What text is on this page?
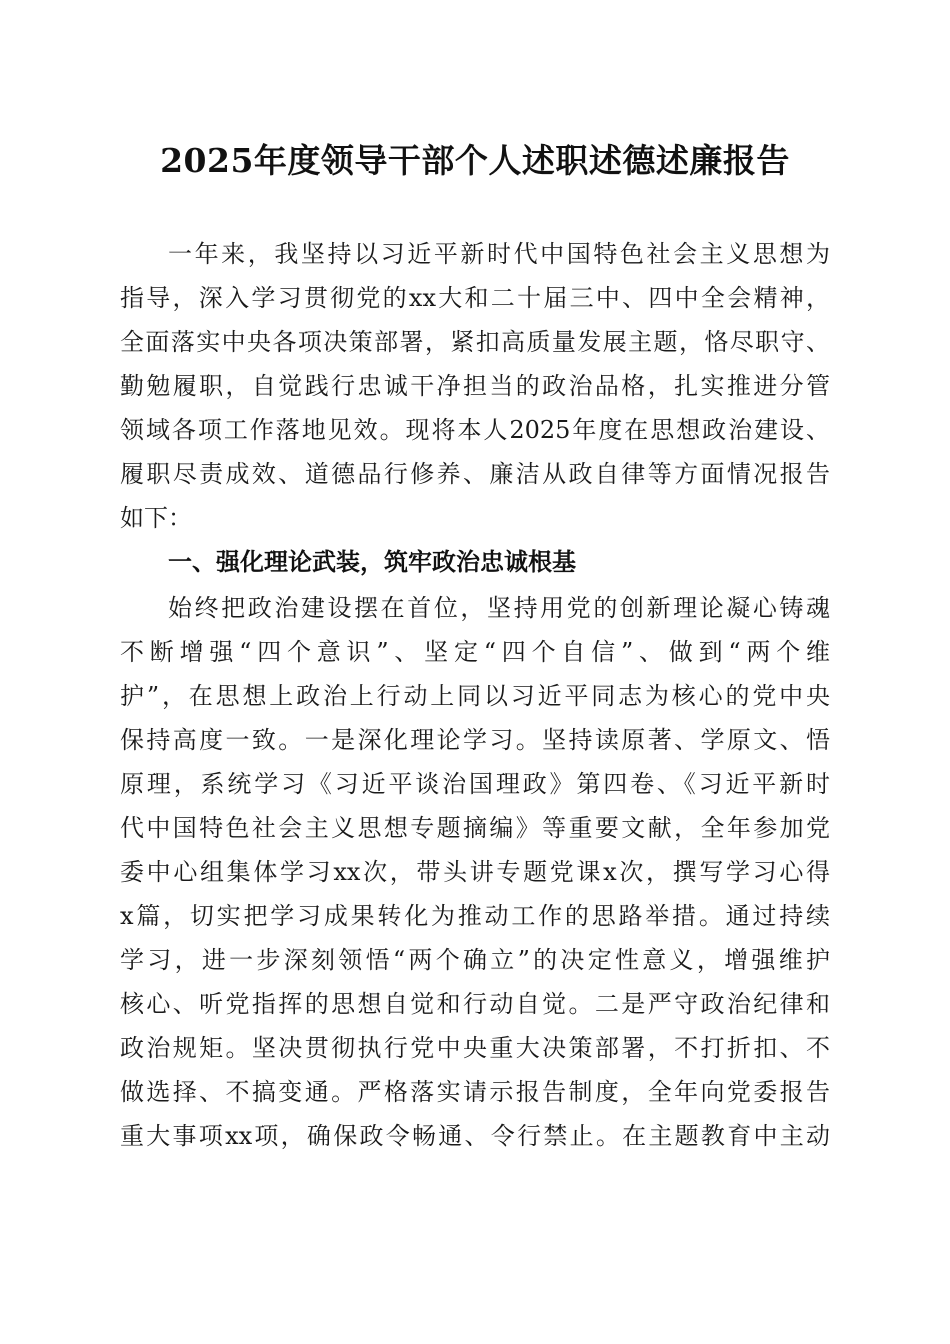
2025年度领导干部个人述职述德述廉报告
一年来，我坚持以习近平新时代中国特色社会主义思想为
指导，深入学习贯彻党的xx大和二十届三中、四中全会精神，
全面落实中央各项决策部署，紧扣高质量发展主题，恪尽职守、
勤勉履职，自觉践行忠诚干净担当的政治品格，扎实推进分管
领域各项工作落地见效。现将本人2025年度在思想政治建设、
履职尽责成效、道德品行修养、廉洁从政自律等方面情况报告
如下：
一、强化理论武装，筑牢政治忠诚根基
始终把政治建设摆在首位，坚持用党的创新理论凝心铸魂
不断增强“四个意识”、坚定“四个自信”、做到“两个维
护”，在思想上政治上行动上同以习近平同志为核心的党中央
保持高度一致。一是深化理论学习。坚持读原著、学原文、悟
原理，系统学习《习近平谈治国理政》第四卷、《习近平新时
代中国特色社会主义思想专题摘编》等重要文献，全年参加党
委中心组集体学习xx次，带头讲专题党课x次，撰写学习心得
x篇，切实把学习成果转化为推动工作的思路举措。通过持续
学习，进一步深刻领悟“两个确立”的决定性意义，增强维护
核心、听党指挥的思想自觉和行动自觉。二是严守政治纪律和
政治规矩。坚决贯彻执行党中央重大决策部署，不打折扣、不
做选择、不搞变通。严格落实请示报告制度，全年向党委报告
重大事项xx项，确保政令畅通、令行禁止。在主题教育中主动
